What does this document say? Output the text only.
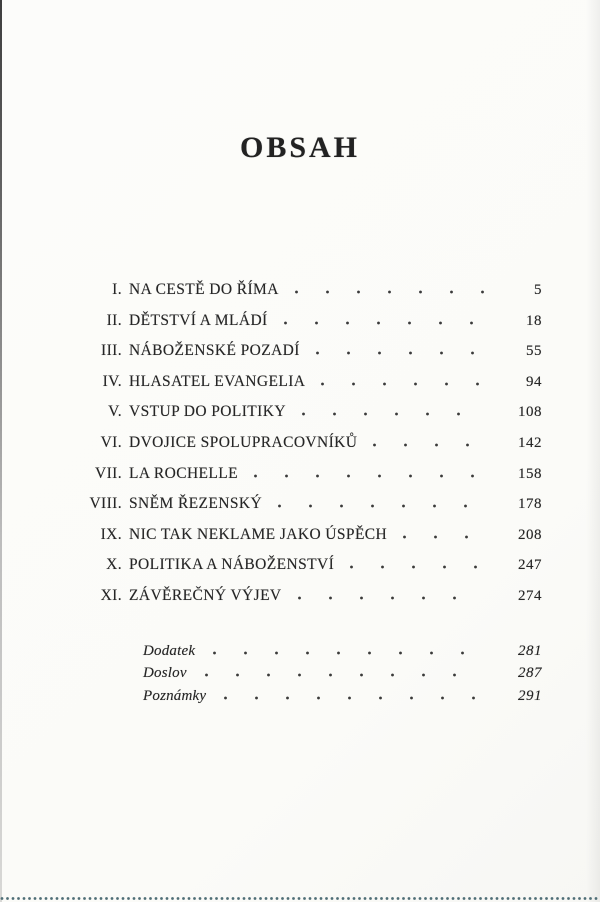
OBSAH
I. NA CESTĚ DO ŘÍMA	5
II. DĚTSTVÍ A MLÁDÍ	18
III. NÁBOŽENSKÉ POZADÍ	55
IV. HLASATEL EVANGELIA	94
V. VSTUP DO POLITIKY	108
VI. DVOJICE SPOLUPRACOVNÍKŮ	142
VII. LA ROCHELLE	158
VIII. SNĚM ŘEZENSKÝ	178
IX. NIC TAK NEKLAME JAKO ÚSPĚCH	208
X. POLITIKA A NÁBOŽENSTVÍ	247
XI. ZÁVĚREČNÝ VÝJEV	274
Dodatek	281
Doslov	287
Poznámky	291
